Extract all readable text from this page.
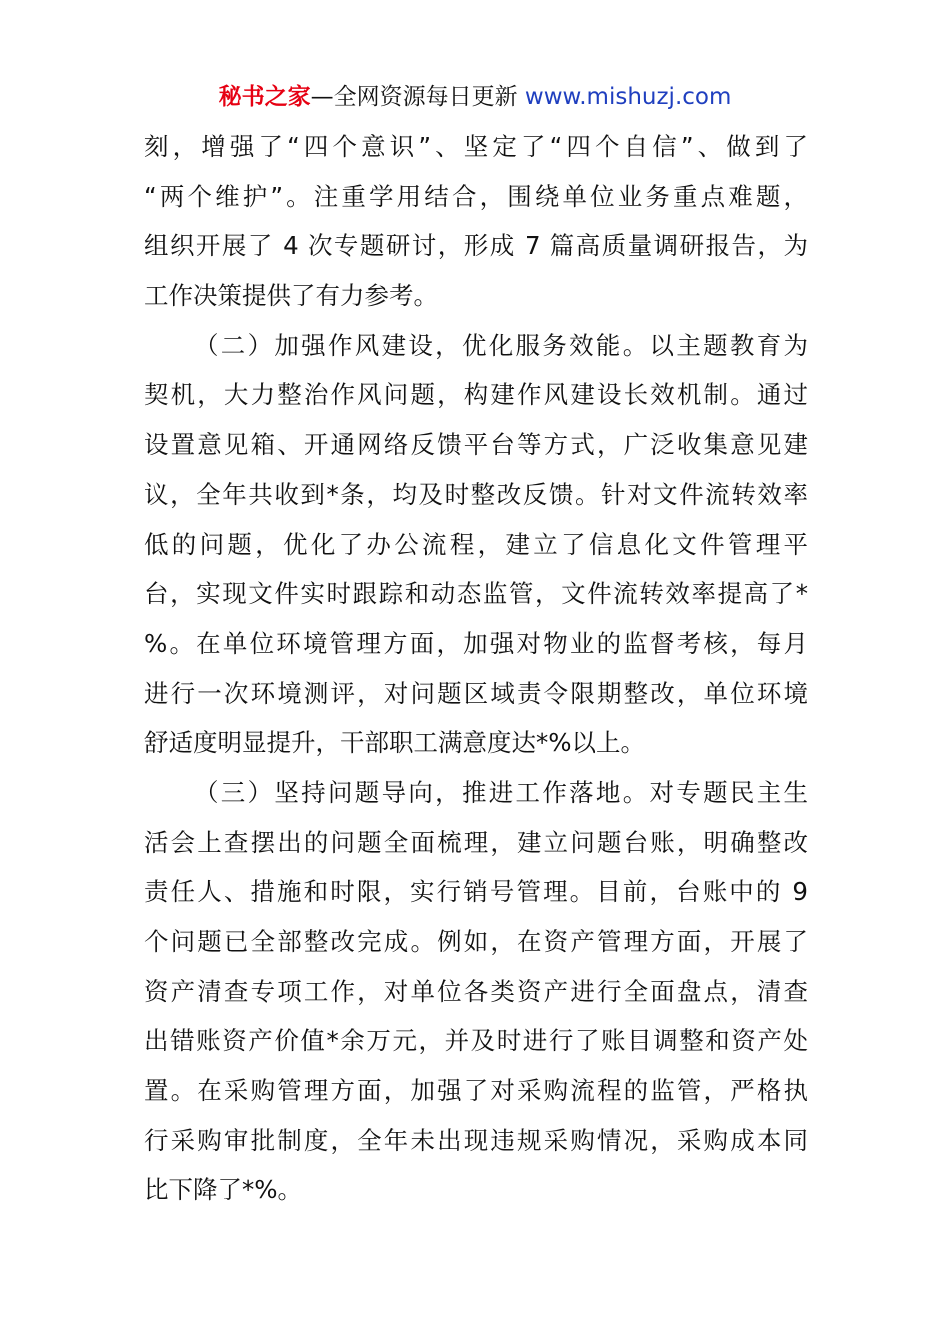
秘书之家—全网资源每日更新 www.mishuzj.com
刻，增强了“四个意识”、坚定了“四个自信”、做到了
“两个维护”。注重学用结合，围绕单位业务重点难题，
组织开展了 4 次专题研讨，形成 7 篇高质量调研报告，为
工作决策提供了有力参考。
（二）加强作风建设，优化服务效能。以主题教育为
契机，大力整治作风问题，构建作风建设长效机制。通过
设置意见箱、开通网络反馈平台等方式，广泛收集意见建
议，全年共收到*条，均及时整改反馈。针对文件流转效率
低的问题，优化了办公流程，建立了信息化文件管理平
台，实现文件实时跟踪和动态监管，文件流转效率提高了*
%。在单位环境管理方面，加强对物业的监督考核，每月
进行一次环境测评，对问题区域责令限期整改，单位环境
舒适度明显提升，干部职工满意度达*%以上。
（三）坚持问题导向，推进工作落地。对专题民主生
活会上查摆出的问题全面梳理，建立问题台账，明确整改
责任人、措施和时限，实行销号管理。目前，台账中的 9
个问题已全部整改完成。例如，在资产管理方面，开展了
资产清查专项工作，对单位各类资产进行全面盘点，清查
出错账资产价值*余万元，并及时进行了账目调整和资产处
置。在采购管理方面，加强了对采购流程的监管，严格执
行采购审批制度，全年未出现违规采购情况，采购成本同
比下降了*%。
